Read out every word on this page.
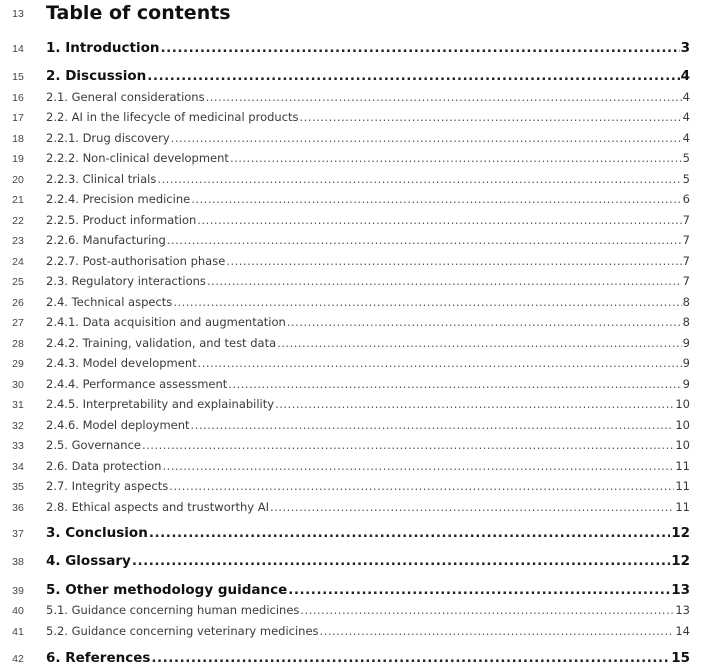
13	Table of contents
14	1. Introduction .....	3
15	2. Discussion .....	4
16	2.1. General considerations .....	4
17	2.2. AI in the lifecycle of medicinal products .....	4
18	2.2.1. Drug discovery .....	4
19	2.2.2. Non-clinical development .....	5
20	2.2.3. Clinical trials .....	5
21	2.2.4. Precision medicine .....	6
22	2.2.5. Product information .....	7
23	2.2.6. Manufacturing .....	7
24	2.2.7. Post-authorisation phase .....	7
25	2.3. Regulatory interactions .....	7
26	2.4. Technical aspects .....	8
27	2.4.1. Data acquisition and augmentation .....	8
28	2.4.2. Training, validation, and test data .....	9
29	2.4.3. Model development .....	9
30	2.4.4. Performance assessment .....	9
31	2.4.5. Interpretability and explainability .....	10
32	2.4.6. Model deployment .....	10
33	2.5. Governance .....	10
34	2.6. Data protection .....	11
35	2.7. Integrity aspects .....	11
36	2.8. Ethical aspects and trustworthy AI .....	11
37	3. Conclusion .....	12
38	4. Glossary .....	12
39	5. Other methodology guidance .....	13
40	5.1. Guidance concerning human medicines .....	13
41	5.2. Guidance concerning veterinary medicines .....	14
42	6. References .....	15
